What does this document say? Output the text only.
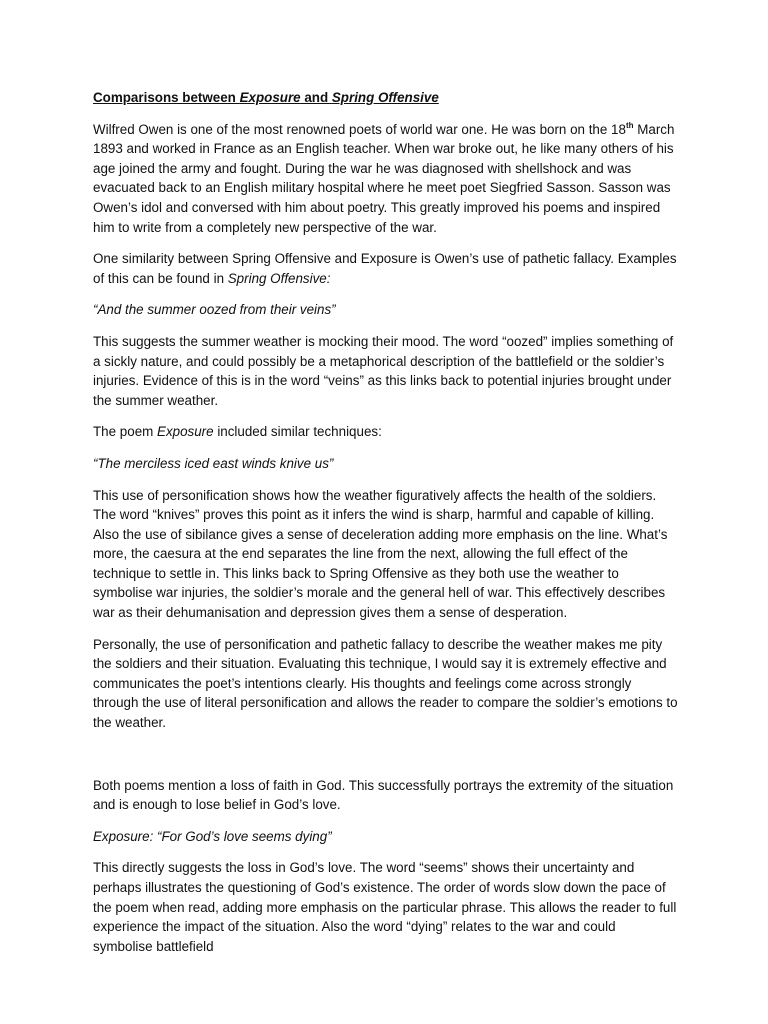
Comparisons between Exposure and Spring Offensive

Wilfred Owen is one of the most renowned poets of world war one. He was born on the 18th March 1893 and worked in France as an English teacher. When war broke out, he like many others of his age joined the army and fought. During the war he was diagnosed with shellshock and was evacuated back to an English military hospital where he meet poet Siegfried Sasson. Sasson was Owen’s idol and conversed with him about poetry. This greatly improved his poems and inspired him to write from a completely new perspective of the war.

One similarity between Spring Offensive and Exposure is Owen’s use of pathetic fallacy. Examples of this can be found in Spring Offensive:

“And the summer oozed from their veins”

This suggests the summer weather is mocking their mood. The word “oozed” implies something of a sickly nature, and could possibly be a metaphorical description of the battlefield or the soldier’s injuries. Evidence of this is in the word “veins” as this links back to potential injuries brought under the summer weather.

The poem Exposure included similar techniques:

“The merciless iced east winds knive us”

This use of personification shows how the weather figuratively affects the health of the soldiers. The word “knives” proves this point as it infers the wind is sharp, harmful and capable of killing. Also the use of sibilance gives a sense of deceleration adding more emphasis on the line. What’s more, the caesura at the end separates the line from the next, allowing the full effect of the technique to settle in. This links back to Spring Offensive as they both use the weather to symbolise war injuries, the soldier’s morale and the general hell of war. This effectively describes war as their dehumanisation and depression gives them a sense of desperation.

Personally, the use of personification and pathetic fallacy to describe the weather makes me pity the soldiers and their situation. Evaluating this technique, I would say it is extremely effective and communicates the poet’s intentions clearly. His thoughts and feelings come across strongly through the use of literal personification and allows the reader to compare the soldier’s emotions to the weather.

Both poems mention a loss of faith in God. This successfully portrays the extremity of the situation and is enough to lose belief in God’s love.

Exposure: “For God’s love seems dying”

This directly suggests the loss in God’s love. The word “seems” shows their uncertainty and perhaps illustrates the questioning of God’s existence. The order of words slow down the pace of the poem when read, adding more emphasis on the particular phrase. This allows the reader to full experience the impact of the situation. Also the word “dying” relates to the war and could symbolise battlefield
